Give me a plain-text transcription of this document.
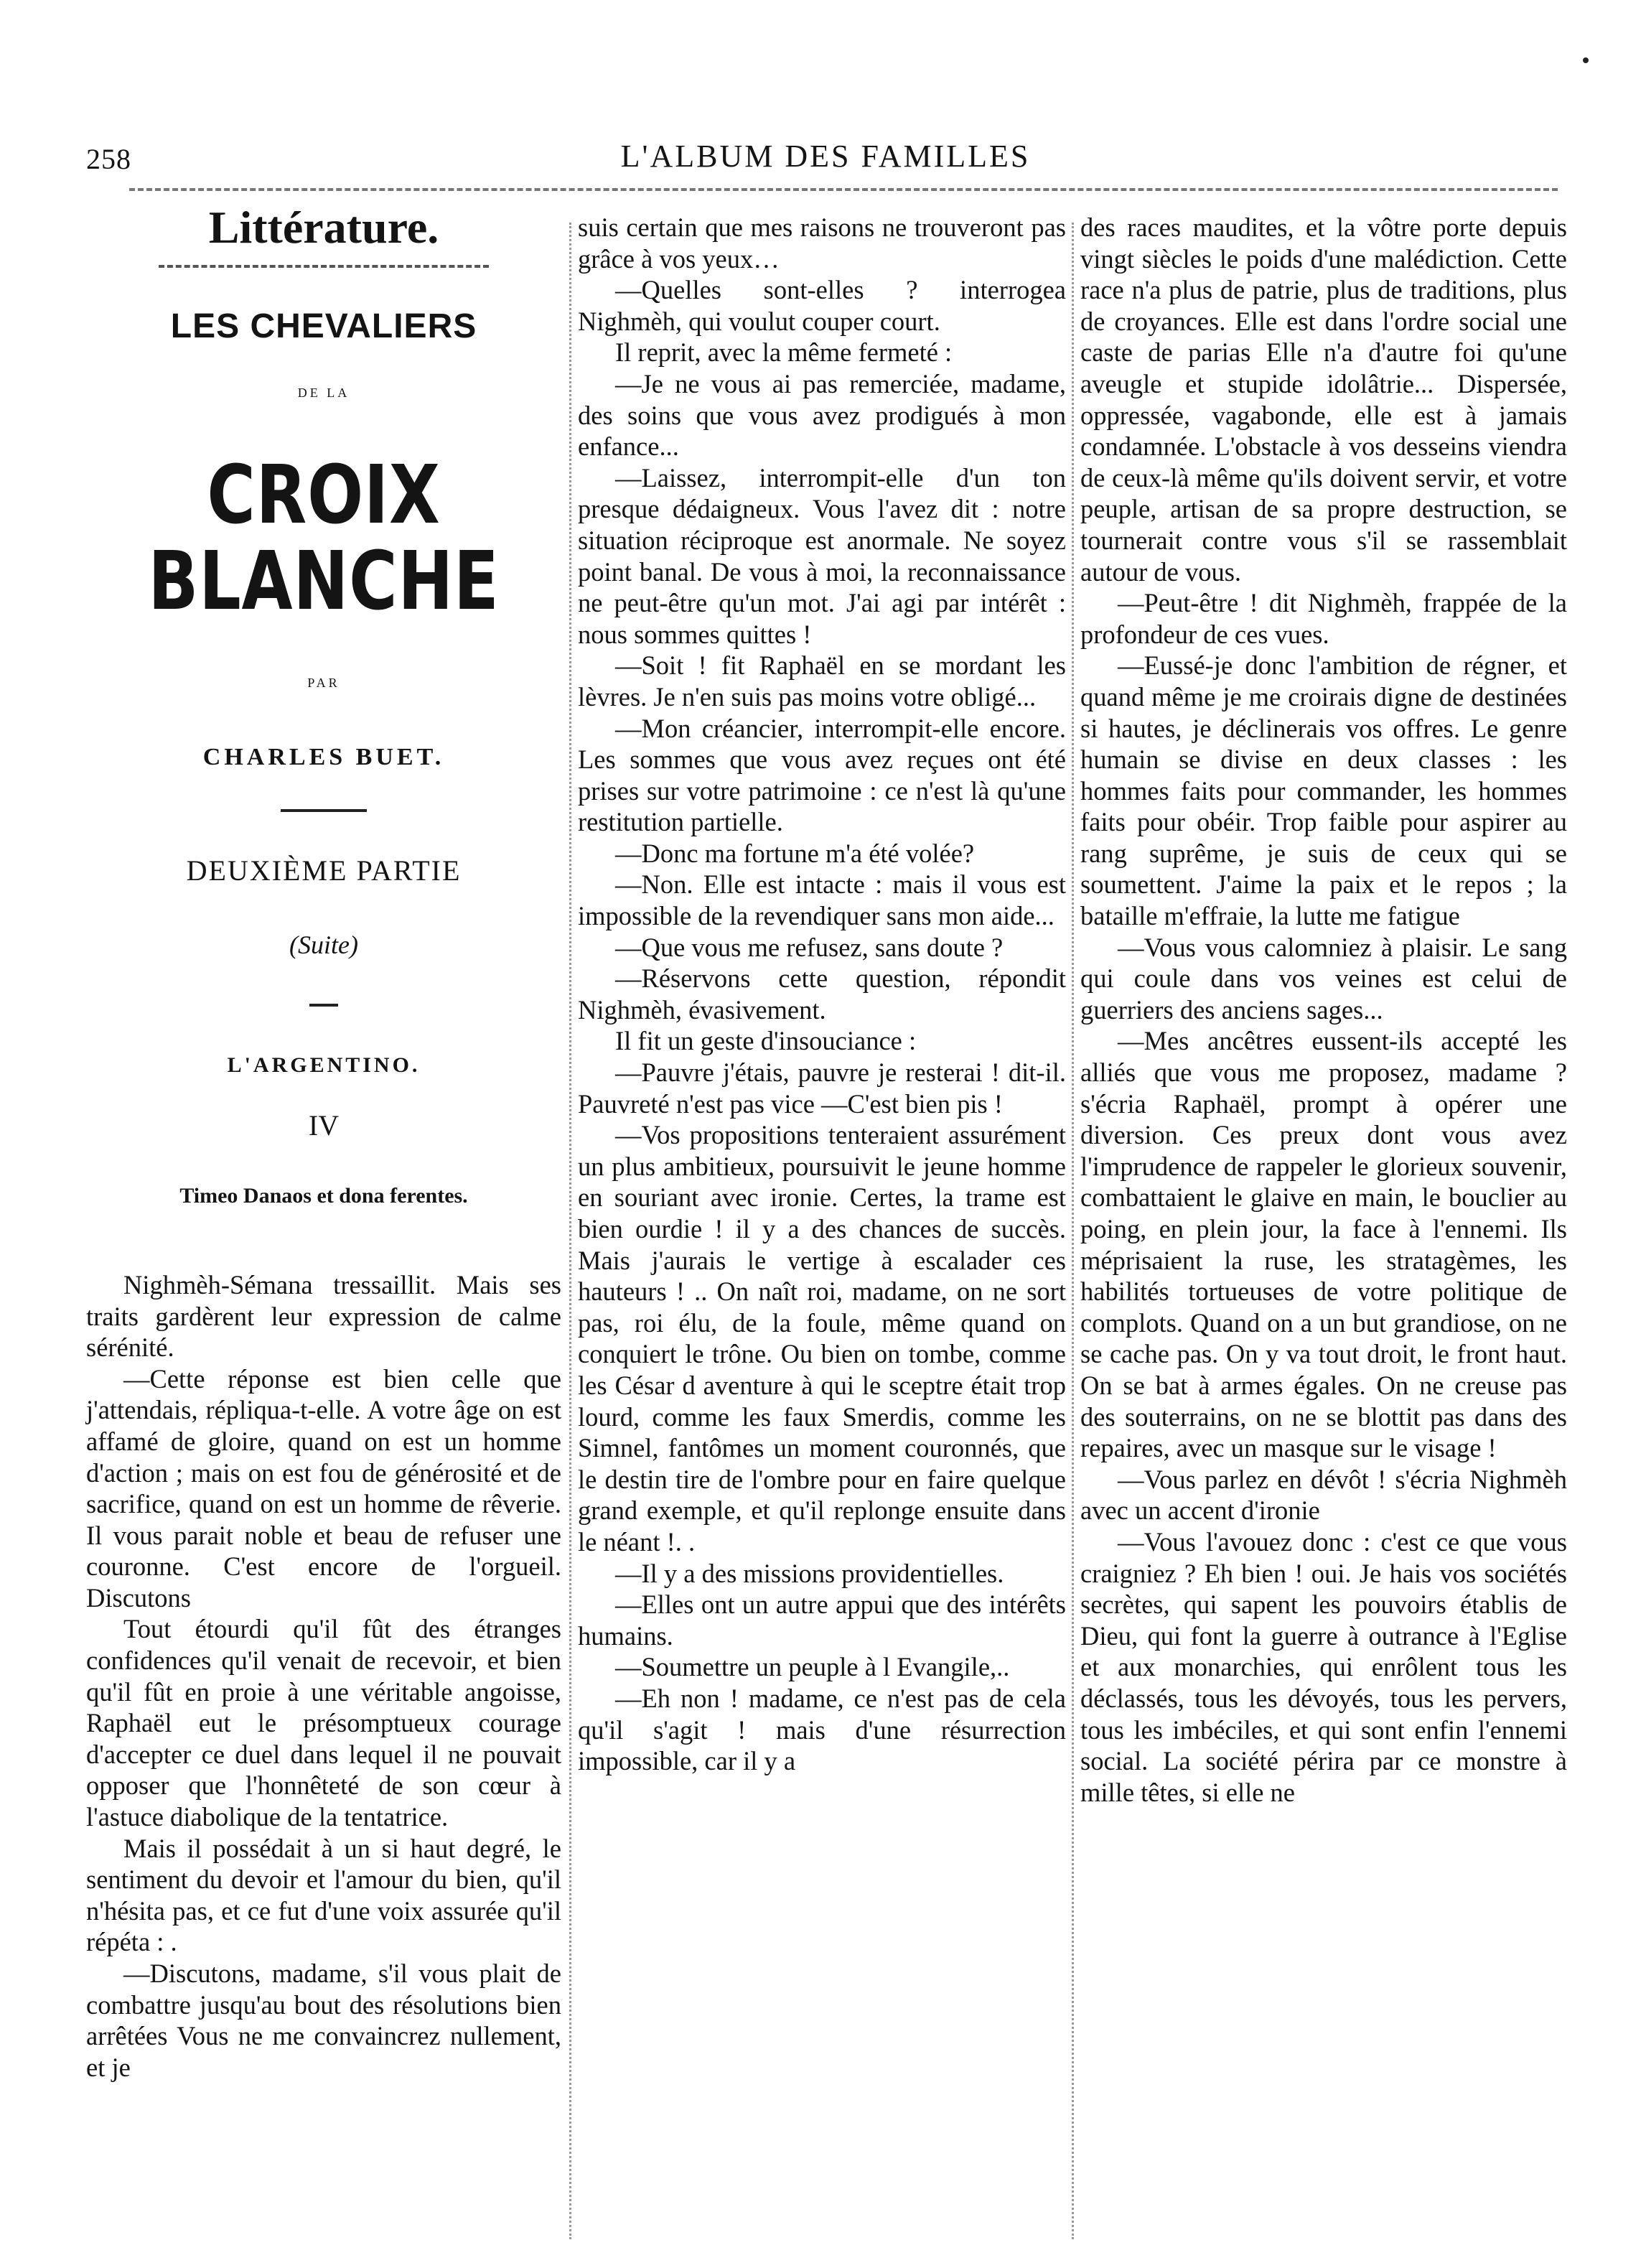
258	L'ALBUM DES FAMILLES
Littérature.
LES CHEVALIERS
DE LA
CROIX BLANCHE
PAR
CHARLES BUET.
DEUXIÈME PARTIE
(Suite)
L'ARGENTINO.
IV
Timeo Danaos et dona ferentes.

Nighmèh-Sémana tressaillit. Mais ses traits gardèrent leur expression de calme sérénité.

—Cette réponse est bien celle que j'attendais, répliqua-t-elle. A votre âge on est affamé de gloire, quand on est un homme d'action ; mais on est fou de générosité et de sacrifice, quand on est un homme de rêverie. Il vous parait noble et beau de refuser une couronne. C'est encore de l'orgueil. Discutons

Tout étourdi qu'il fût des étranges confidences qu'il venait de recevoir, et bien qu'il fût en proie à une véritable angoisse, Raphaël eut le présomptueux courage d'accepter ce duel dans lequel il ne pouvait opposer que l'honnêteté de son cœur à l'astuce diabolique de la tentatrice.

Mais il possédait à un si haut degré, le sentiment du devoir et l'amour du bien, qu'il n'hésita pas, et ce fut d'une voix assurée qu'il répéta : .

—Discutons, madame, s'il vous plait de combattre jusqu'au bout des résolutions bien arrêtées Vous ne me convaincrez nullement, et je

suis certain que mes raisons ne trouveront pas grâce à vos yeux…

—Quelles sont-elles ? interrogea Nighmèh, qui voulut couper court.

Il reprit, avec la même fermeté :

—Je ne vous ai pas remerciée, madame, des soins que vous avez prodigués à mon enfance...

—Laissez, interrompit-elle d'un ton presque dédaigneux. Vous l'avez dit : notre situation réciproque est anormale. Ne soyez point banal. De vous à moi, la reconnaissance ne peut-être qu'un mot. J'ai agi par intérêt : nous sommes quittes !

—Soit ! fit Raphaël en se mordant les lèvres. Je n'en suis pas moins votre obligé...

—Mon créancier, interrompit-elle encore. Les sommes que vous avez reçues ont été prises sur votre patrimoine : ce n'est là qu'une restitution partielle.

—Donc ma fortune m'a été volée?

—Non. Elle est intacte : mais il vous est impossible de la revendiquer sans mon aide...

—Que vous me refusez, sans doute ?

—Réservons cette question, répondit Nighmèh, évasivement.

Il fit un geste d'insouciance :

—Pauvre j'étais, pauvre je resterai ! dit-il. Pauvreté n'est pas vice —C'est bien pis !

—Vos propositions tenteraient assurément un plus ambitieux, poursuivit le jeune homme en souriant avec ironie. Certes, la trame est bien ourdie ! il y a des chances de succès. Mais j'aurais le vertige à escalader ces hauteurs ! .. On naît roi, madame, on ne sort pas, roi élu, de la foule, même quand on conquiert le trône. Ou bien on tombe, comme les César d aventure à qui le sceptre était trop lourd, comme les faux Smerdis, comme les Simnel, fantômes un moment couronnés, que le destin tire de l'ombre pour en faire quelque grand exemple, et qu'il replonge ensuite dans le néant !. .

—Il y a des missions providentielles.

—Elles ont un autre appui que des intérêts humains.

—Soumettre un peuple à l Evangile,..

—Eh non ! madame, ce n'est pas de cela qu'il s'agit ! mais d'une résurrection impossible, car il y a

des races maudites, et la vôtre porte depuis vingt siècles le poids d'une malédiction. Cette race n'a plus de patrie, plus de traditions, plus de croyances. Elle est dans l'ordre social une caste de parias Elle n'a d'autre foi qu'une aveugle et stupide idolâtrie... Dispersée, oppressée, vagabonde, elle est à jamais condamnée. L'obstacle à vos desseins viendra de ceux-là même qu'ils doivent servir, et votre peuple, artisan de sa propre destruction, se tournerait contre vous s'il se rassemblait autour de vous.

—Peut-être ! dit Nighmèh, frappée de la profondeur de ces vues.

—Eussé-je donc l'ambition de régner, et quand même je me croirais digne de destinées si hautes, je déclinerais vos offres. Le genre humain se divise en deux classes : les hommes faits pour commander, les hommes faits pour obéir. Trop faible pour aspirer au rang suprême, je suis de ceux qui se soumettent. J'aime la paix et le repos ; la bataille m'effraie, la lutte me fatigue

—Vous vous calomniez à plaisir. Le sang qui coule dans vos veines est celui de guerriers des anciens sages...

—Mes ancêtres eussent-ils accepté les alliés que vous me proposez, madame ? s'écria Raphaël, prompt à opérer une diversion. Ces preux dont vous avez l'imprudence de rappeler le glorieux souvenir, combattaient le glaive en main, le bouclier au poing, en plein jour, la face à l'ennemi. Ils méprisaient la ruse, les stratagèmes, les habilités tortueuses de votre politique de complots. Quand on a un but grandiose, on ne se cache pas. On y va tout droit, le front haut. On se bat à armes égales. On ne creuse pas des souterrains, on ne se blottit pas dans des repaires, avec un masque sur le visage !

—Vous parlez en dévôt ! s'écria Nighmèh avec un accent d'ironie

—Vous l'avouez donc : c'est ce que vous craigniez ? Eh bien ! oui. Je hais vos sociétés secrètes, qui sapent les pouvoirs établis de Dieu, qui font la guerre à outrance à l'Eglise et aux monarchies, qui enrôlent tous les déclassés, tous les dévoyés, tous les pervers, tous les imbéciles, et qui sont enfin l'ennemi social. La société périra par ce monstre à mille têtes, si elle ne
